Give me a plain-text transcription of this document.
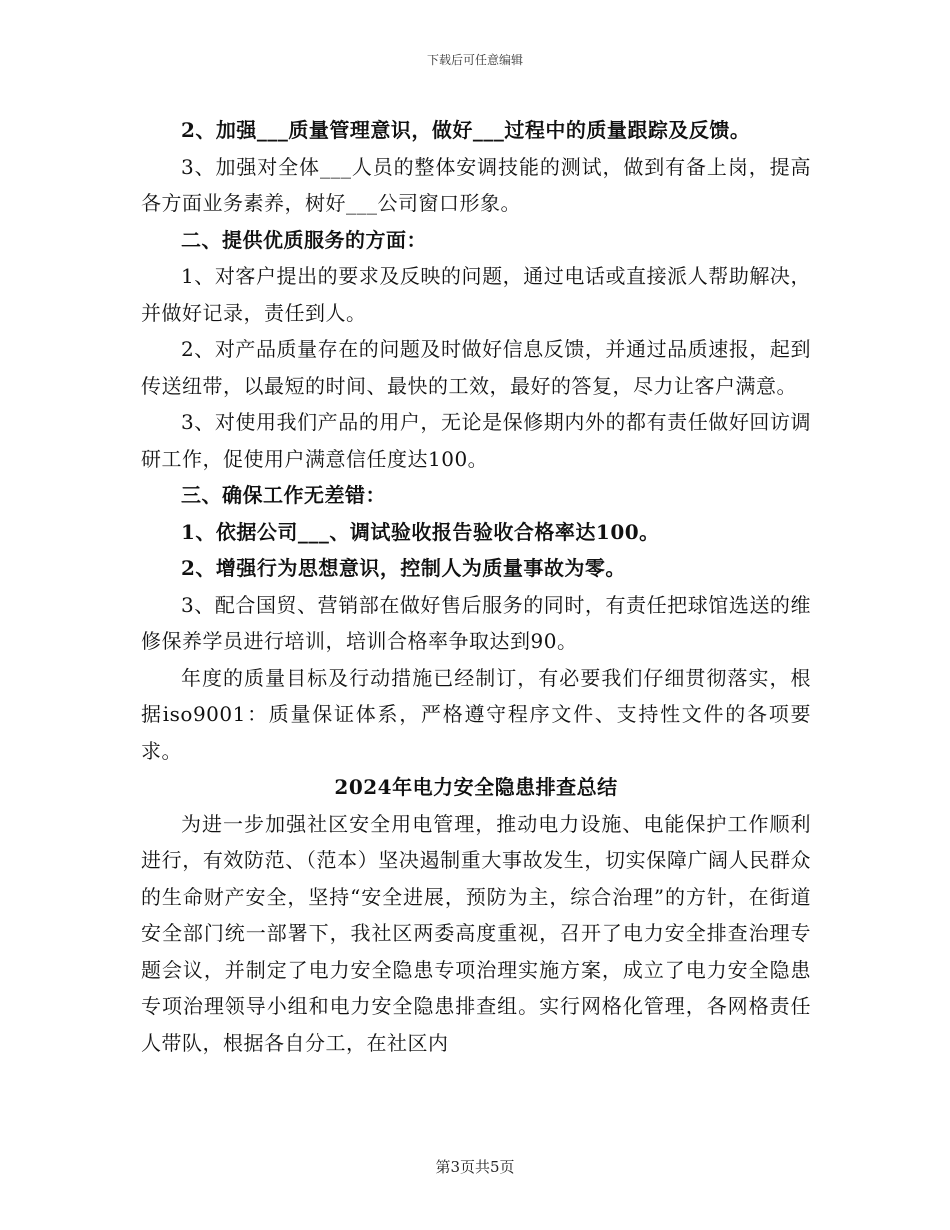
下载后可任意编辑

2、加强___质量管理意识，做好___过程中的质量跟踪及反馈。

3、加强对全体___人员的整体安调技能的测试，做到有备上岗，提高各方面业务素养，树好___公司窗口形象。

二、提供优质服务的方面：

1、对客户提出的要求及反映的问题，通过电话或直接派人帮助解决，并做好记录，责任到人。

2、对产品质量存在的问题及时做好信息反馈，并通过品质速报，起到传送纽带，以最短的时间、最快的工效，最好的答复，尽力让客户满意。

3、对使用我们产品的用户，无论是保修期内外的都有责任做好回访调研工作，促使用户满意信任度达100。

三、确保工作无差错：

1、依据公司___、调试验收报告验收合格率达100。

2、增强行为思想意识，控制人为质量事故为零。

3、配合国贸、营销部在做好售后服务的同时，有责任把球馆选送的维修保养学员进行培训，培训合格率争取达到90。

年度的质量目标及行动措施已经制订，有必要我们仔细贯彻落实，根据iso9001：质量保证体系，严格遵守程序文件、支持性文件的各项要求。

2024年电力安全隐患排查总结

为进一步加强社区安全用电管理，推动电力设施、电能保护工作顺利进行，有效防范、（范本）坚决遏制重大事故发生，切实保障广阔人民群众的生命财产安全，坚持“安全进展，预防为主，综合治理”的方针，在街道安全部门统一部署下，我社区两委高度重视，召开了电力安全排查治理专题会议，并制定了电力安全隐患专项治理实施方案，成立了电力安全隐患专项治理领导小组和电力安全隐患排查组。实行网格化管理，各网格责任人带队，根据各自分工，在社区内

第3页共5页
